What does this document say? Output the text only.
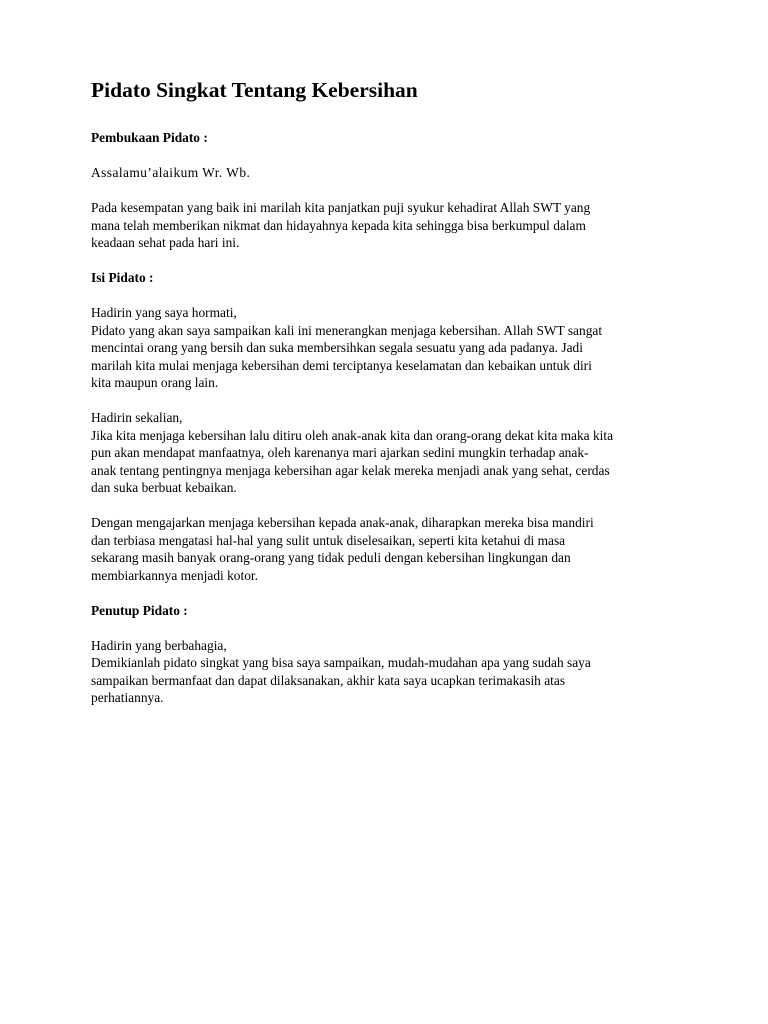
Pidato Singkat Tentang Kebersihan
Pembukaan Pidato :
Assalamu’alaikum Wr. Wb.

Pada kesempatan yang baik ini marilah kita panjatkan puji syukur kehadirat Allah SWT yang

mana telah memberikan nikmat dan hidayahnya kepada kita sehingga bisa berkumpul dalam

keadaan sehat pada hari ini.

Isi Pidato :

Hadirin yang saya hormati,

Pidato yang akan saya sampaikan kali ini menerangkan menjaga kebersihan. Allah SWT sangat

mencintai orang yang bersih dan suka membersihkan segala sesuatu yang ada padanya. Jadi

marilah kita mulai menjaga kebersihan demi terciptanya keselamatan dan kebaikan untuk diri

kita maupun orang lain.

Hadirin sekalian,

Jika kita menjaga kebersihan lalu ditiru oleh anak-anak kita dan orang-orang dekat kita maka kita

pun akan mendapat manfaatnya, oleh karenanya mari ajarkan sedini mungkin terhadap anak-

anak tentang pentingnya menjaga kebersihan agar kelak mereka menjadi anak yang sehat, cerdas

dan suka berbuat kebaikan.

Dengan mengajarkan menjaga kebersihan kepada anak-anak, diharapkan mereka bisa mandiri

dan terbiasa mengatasi hal-hal yang sulit untuk diselesaikan, seperti kita ketahui di masa

sekarang masih banyak orang-orang yang tidak peduli dengan kebersihan lingkungan dan

membiarkannya menjadi kotor.

Penutup Pidato :

Hadirin yang berbahagia,

Demikianlah pidato singkat yang bisa saya sampaikan, mudah-mudahan apa yang sudah saya

sampaikan bermanfaat dan dapat dilaksanakan, akhir kata saya ucapkan terimakasih atas

perhatiannya.
